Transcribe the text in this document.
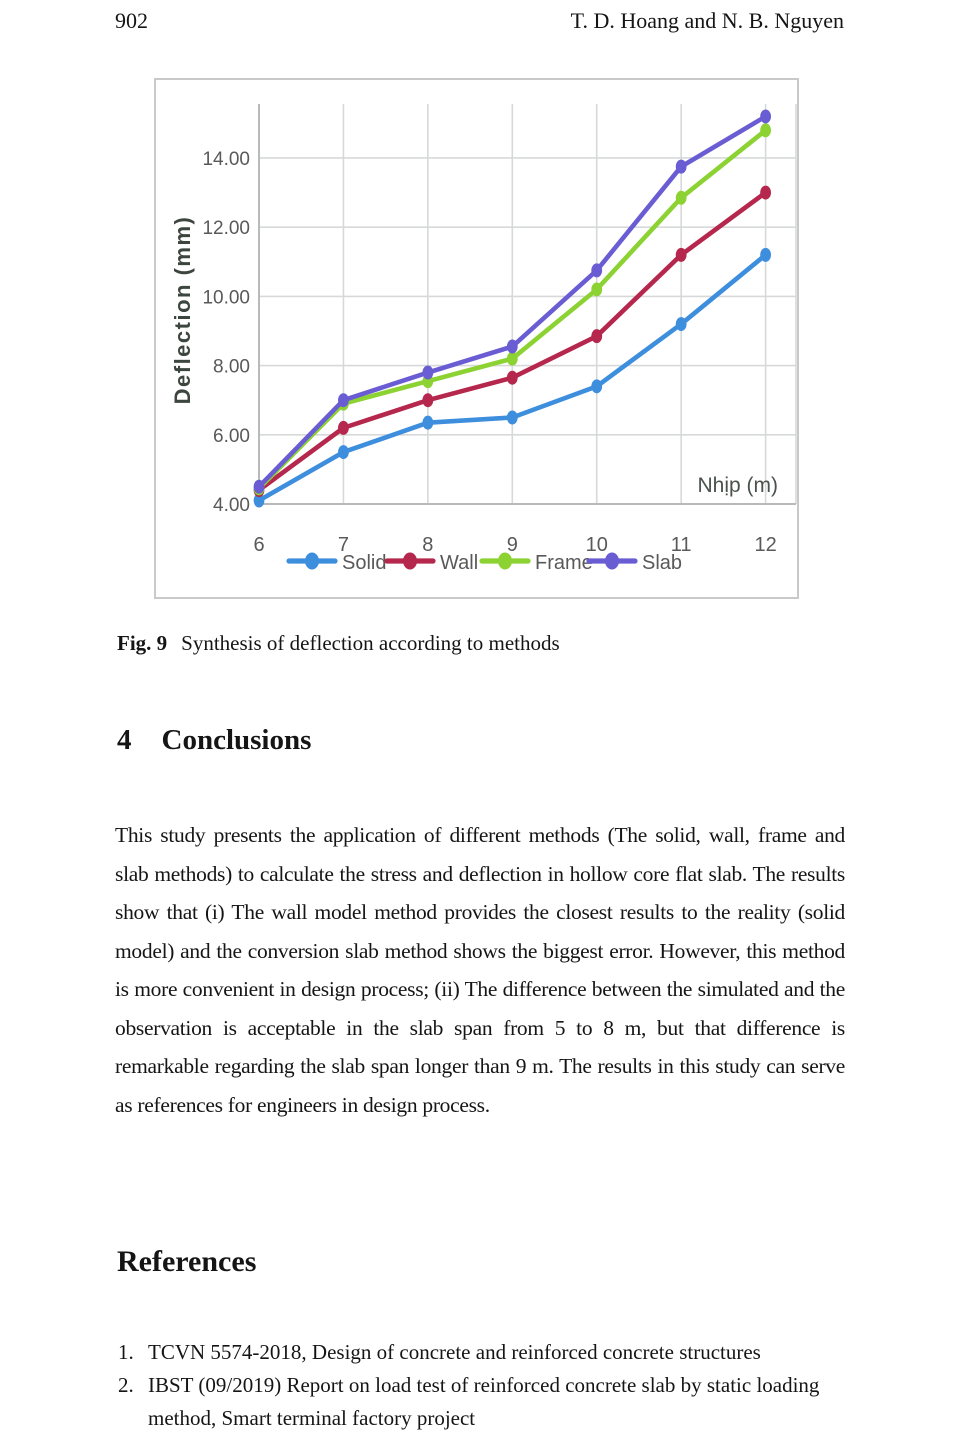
902	T. D. Hoang and N. B. Nguyen
4.00
6.00
8.00
10.00
12.00
14.00
6	7	8	9	10	11	12
Nhịp (m)
Deflection (mm)
Solid	Wall	Frame Slab
Fig. 9 Synthesis of deflection according to methods
4 Conclusions

This study presents the application of different methods (The solid, wall, frame and slab methods) to calculate the stress and deflection in hollow core flat slab. The results show that (i) The wall model method provides the closest results to the reality (solid model) and the conversion slab method shows the biggest error. However, this method is more convenient in design process; (ii) The difference between the simulated and the observation is acceptable in the slab span from 5 to 8 m, but that difference is remarkable regarding the slab span longer than 9 m. The results in this study can serve as references for engineers in design process.

References
1. TCVN 5574-2018, Design of concrete and reinforced concrete structures
2. IBST (09/2019) Report on load test of reinforced concrete slab by static loading method, Smart terminal factory project
